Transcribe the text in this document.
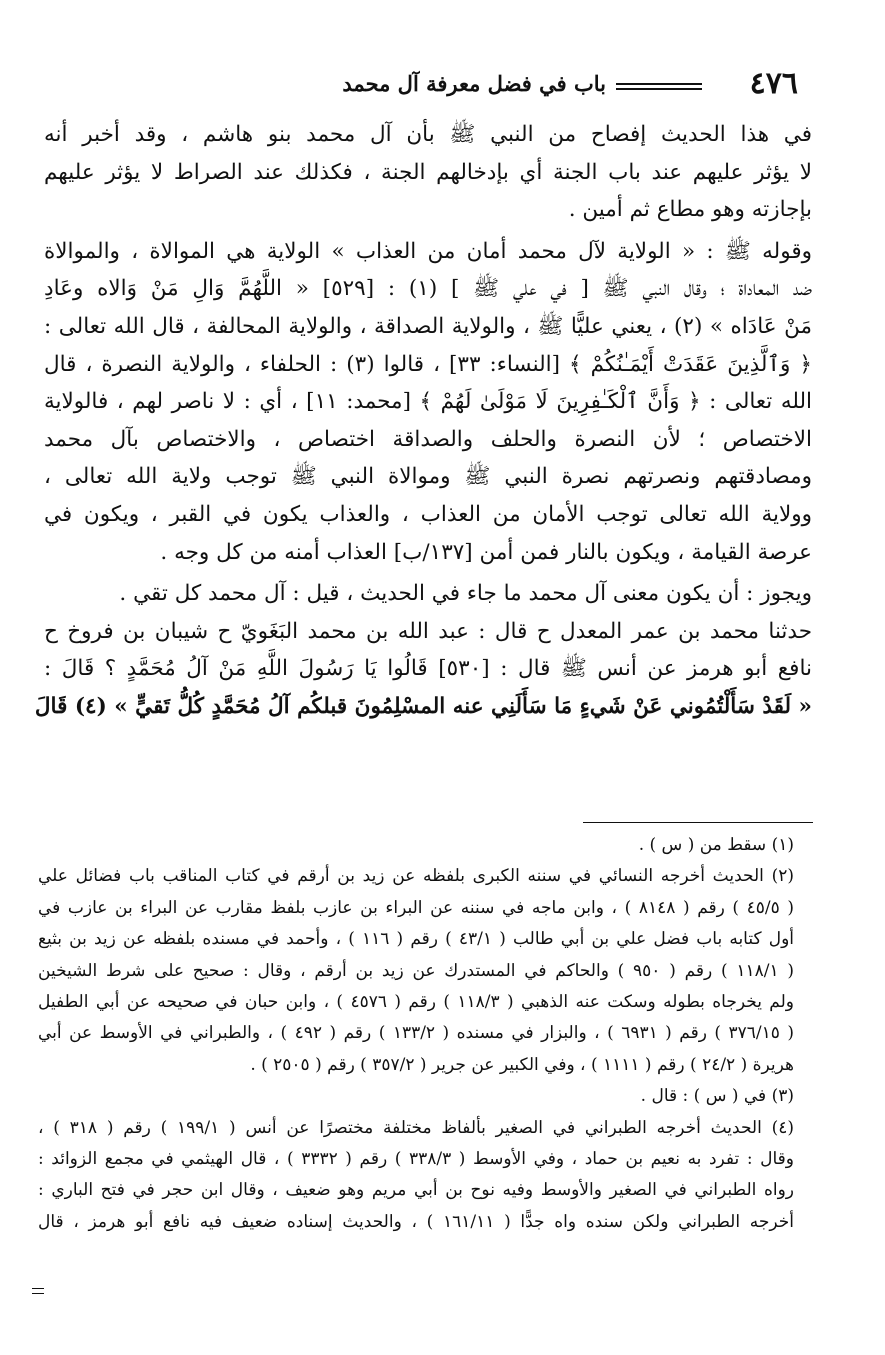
٤٧٦
باب في فضل معرفة آل محمد
في هذا الحديث إفصاح من النبي ﷺ بأن آل محمد بنو هاشم ، وقد أخبر أنه
لا يؤثر عليهم عند باب الجنة أي بإدخالهم الجنة ، فكذلك عند الصراط لا يؤثر عليهم
بإجازته وهو مطاع ثم أمين .
وقوله ﷺ : « الولاية لآل محمد أمان من العذاب » الولاية هي الموالاة ، والموالاة
ضد المعاداة ؛ وقال النبي ﷺ [ في علي ﷺ ] (١) : [٥٢٩] « اللَّهُمَّ وَالِ مَنْ وَالاه وعَادِ
مَنْ عَادَاه » (٢) ، يعني عليًّا ﷺ ، والولاية الصداقة ، والولاية المحالفة ، قال الله تعالى :
﴿ وَٱلَّذِينَ عَقَدَتْ أَيْمَـٰنُكُمْ ﴾ [النساء: ٣٣] ، قالوا (٣) : الحلفاء ، والولاية النصرة ، قال
الله تعالى : ﴿ وَأَنَّ ٱلْكَـٰفِرِينَ لَا مَوْلَىٰ لَهُمْ ﴾ [محمد: ١١] ، أي : لا ناصر لهم ، فالولاية
الاختصاص ؛ لأن النصرة والحلف والصداقة اختصاص ، والاختصاص بآل محمد
ومصادقتهم ونصرتهم نصرة النبي ﷺ وموالاة النبي ﷺ توجب ولاية الله تعالى ،
وولاية الله تعالى توجب الأمان من العذاب ، والعذاب يكون في القبر ، ويكون في
عرصة القيامة ، ويكون بالنار فمن أمن [١٣٧/ب] العذاب أمنه من كل وجه .
ويجوز : أن يكون معنى آل محمد ما جاء في الحديث ، قيل : آل محمد كل تقي .
حدثنا محمد بن عمر المعدل ح قال : عبد الله بن محمد البَغَويّ ح شيبان بن فروخ ح
نافع أبو هرمز عن أنس ﷺ قال : [٥٣٠] قَالُوا يَا رَسُولَ اللَّهِ مَنْ آلُ مُحَمَّدٍ ؟ قَالَ :
« لَقَدْ سَأَلْتُمُوني عَنْ شَيءٍ مَا سَأَلَنِي عنه المسْلِمُونَ قبلكُم آلُ مُحَمَّدٍ كُلُّ تَقيٍّ » (٤) قَالَ
(١) سقط من ( س ) .
(٢) الحديث أخرجه النسائي في سننه الكبرى بلفظه عن زيد بن أرقم في كتاب المناقب باب فضائل علي
( ٤٥/٥ ) رقم ( ٨١٤٨ ) ، وابن ماجه في سننه عن البراء بن عازب بلفظ مقارب عن البراء بن عازب في
أول كتابه باب فضل علي بن أبي طالب ( ٤٣/١ ) رقم ( ١١٦ ) ، وأحمد في مسنده بلفظه عن زيد بن بثيع
( ١١٨/١ ) رقم ( ٩٥٠ ) والحاكم في المستدرك عن زيد بن أرقم ، وقال : صحيح على شرط الشيخين
ولم يخرجاه بطوله وسكت عنه الذهبي ( ١١٨/٣ ) رقم ( ٤٥٧٦ ) ، وابن حبان في صحيحه عن أبي الطفيل
( ٣٧٦/١٥ ) رقم ( ٦٩٣١ ) ، والبزار في مسنده ( ١٣٣/٢ ) رقم ( ٤٩٢ ) ، والطبراني في الأوسط عن أبي
هريرة ( ٢٤/٢ ) رقم ( ١١١١ ) ، وفي الكبير عن جرير ( ٣٥٧/٢ ) رقم ( ٢٥٠٥ ) .
(٣) في ( س ) : قال .
(٤) الحديث أخرجه الطبراني في الصغير بألفاظ مختلفة مختصرًا عن أنس ( ١٩٩/١ ) رقم ( ٣١٨ ) ،
وقال : تفرد به نعيم بن حماد ، وفي الأوسط ( ٣٣٨/٣ ) رقم ( ٣٣٣٢ ) ، قال الهيثمي في مجمع الزوائد :
رواه الطبراني في الصغير والأوسط وفيه نوح بن أبي مريم وهو ضعيف ، وقال ابن حجر في فتح الباري :
أخرجه الطبراني ولكن سنده واه جدًّا ( ١٦١/١١ ) ، والحديث إسناده ضعيف فيه نافع أبو هرمز ، قال
